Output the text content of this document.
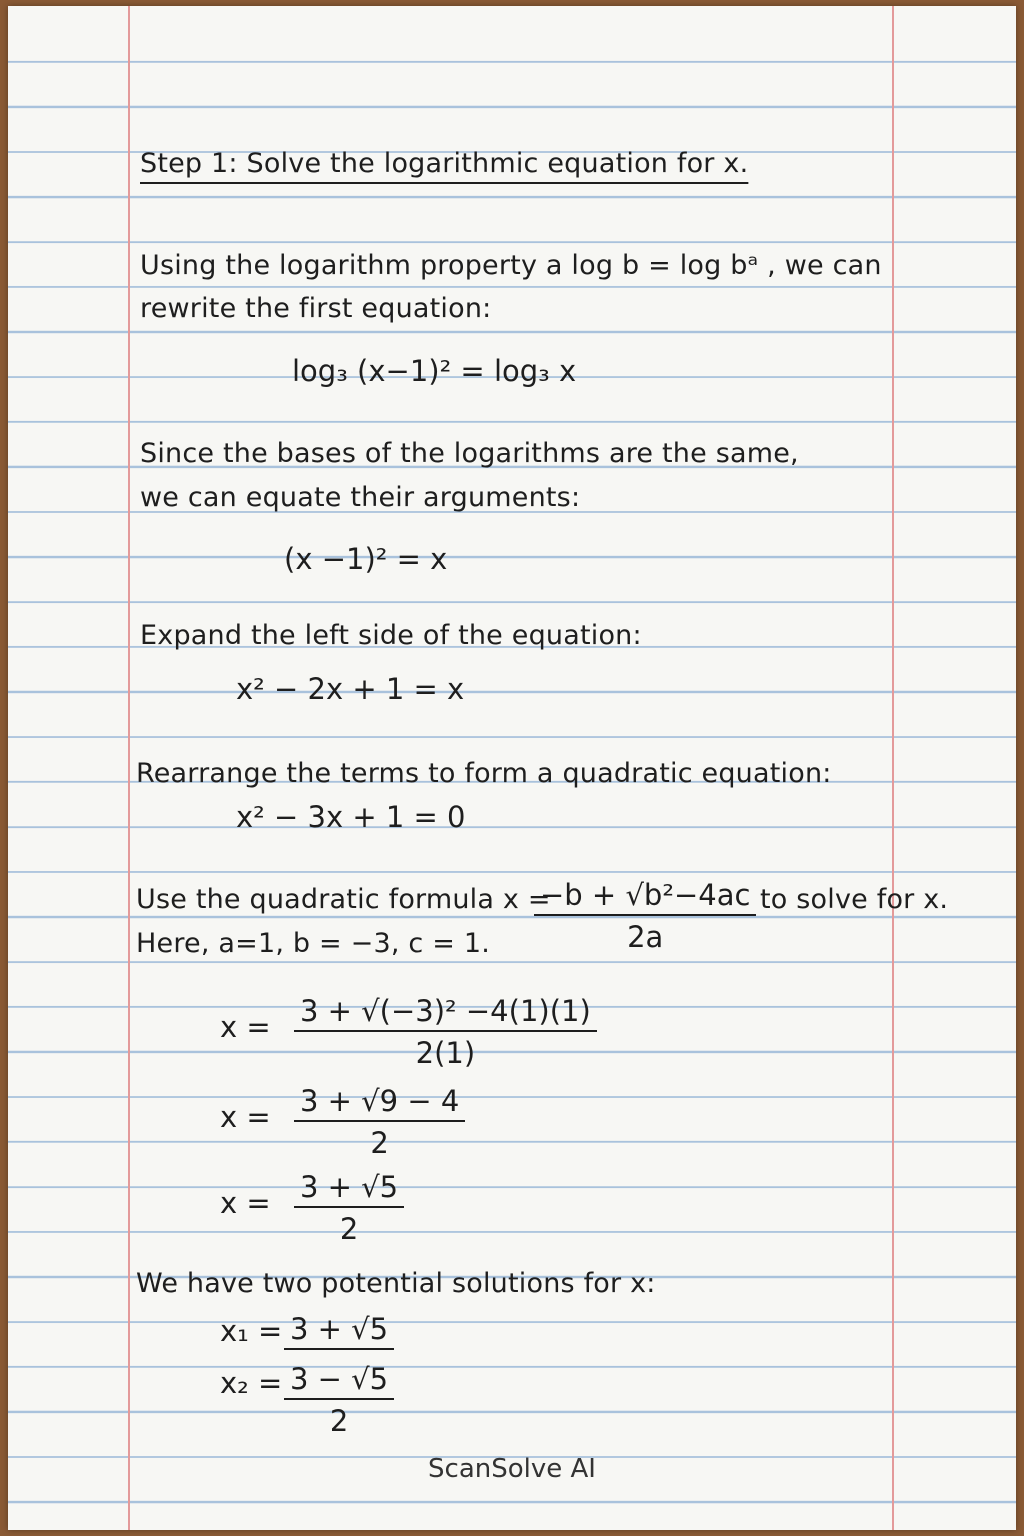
Step 1: Solve the logarithmic equation for x.
Using the logarithm property a log b = log bᵃ , we can
rewrite the first equation:
log₃ (x−1)² = log₃ x
Since the bases of the logarithms are the same,
we can equate their arguments:
(x −1)² = x
Expand the left side of the equation:
x² − 2x + 1 = x
Rearrange the terms to form a quadratic equation:
x² − 3x + 1 = 0
Use the quadratic formula x =
$\frac{\text{−b + √b²−4ac}}{2a}$ to solve for x.
Here, a=1, b = −3, c = 1.
$x = \frac{\text{3 + √(−3)² −4(1)(1)}}{2(1)}$
$x = \frac{3 + √9 - 4}{2}$
$x = \frac{3 + √5}{2}$
We have two potential solutions for x:
x₁ = 3 + √5
$x_2 = \frac{3 - √5}{2}$
ScanSolve AI
